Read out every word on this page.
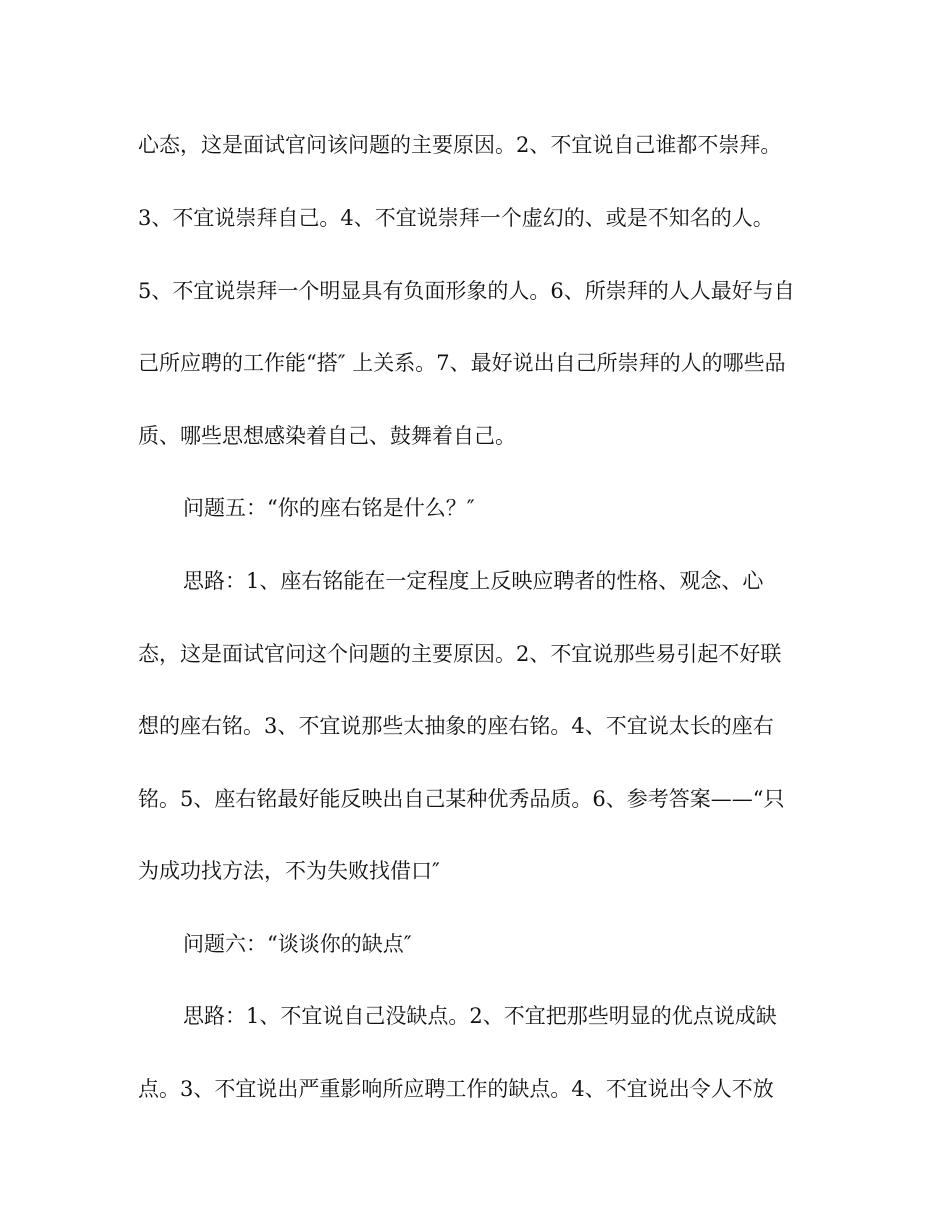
心态，这是面试官问该问题的主要原因。2、不宜说自己谁都不崇拜。

3、不宜说崇拜自己。4、不宜说崇拜一个虚幻的、或是不知名的人。

5、不宜说崇拜一个明显具有负面形象的人。6、所崇拜的人人最好与自

己所应聘的工作能“搭″ 上关系。7、最好说出自己所崇拜的人的哪些品

质、哪些思想感染着自己、鼓舞着自己。

问题五：“你的座右铭是什么？″

思路：1、座右铭能在一定程度上反映应聘者的性格、观念、心

态，这是面试官问这个问题的主要原因。2、不宜说那些易引起不好联

想的座右铭。3、不宜说那些太抽象的座右铭。4、不宜说太长的座右

铭。5、座右铭最好能反映出自己某种优秀品质。6、参考答案——“只

为成功找方法，不为失败找借口″

问题六：“谈谈你的缺点″

思路：1、不宜说自己没缺点。2、不宜把那些明显的优点说成缺

点。3、不宜说出严重影响所应聘工作的缺点。4、不宜说出令人不放
